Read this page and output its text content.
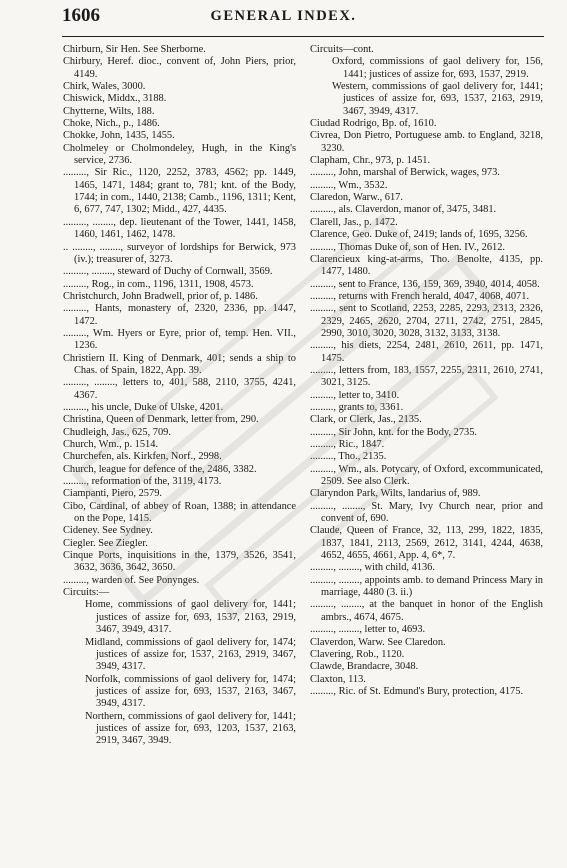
1606	GENERAL INDEX.
Chirburn, Sir Hen. See Sherborne.
Chirbury, Heref. dioc., convent of, John Piers, prior, 4149.
Chirk, Wales, 3000.
Chiswick, Middx., 3188.
Chytterne, Wilts, 188.
Choke, Nich., p., 1486.
Chokke, John, 1435, 1455.
Cholmeley or Cholmondeley, Hugh, in the King's service, 2736.
........., Sir Ric., 1120, 2252, 3783, 4562; pp. 1449, 1465, 1471, 1484; grant to, 781; knt. of the Body, 1744; in com., 1440, 2138; Camb., 1196, 1311; Kent, 6, 677, 747, 1302; Midd., 427, 4435.
........., ........, dep. lieutenant of the Tower, 1441, 1458, 1460, 1461, 1462, 1478.
.. ........, ........, surveyor of lordships for Berwick, 973 (iv.); treasurer of, 3273.
........., ........, steward of Duchy of Cornwall, 3569.
........., Rog., in com., 1196, 1311, 1908, 4573.
Christchurch, John Bradwell, prior of, p. 1486.
........., Hants, monastery of, 2320, 2336, pp. 1447, 1472.
........., Wm. Hyers or Eyre, prior of, temp. Hen. VII., 1236.
Christiern II. King of Denmark, 401; sends a ship to Chas. of Spain, 1822, App. 39.
........., ........, letters to, 401, 588, 2110, 3755, 4241, 4367.
........., his uncle, Duke of Ulske, 4201.
Christina, Queen of Denmark, letter from, 290.
Chudleigh, Jas., 625, 709.
Church, Wm., p. 1514.
Churchefen, als. Kirkfen, Norf., 2998.
Church, league for defence of the, 2486, 3382.
........., reformation of the, 3119, 4173.
Ciampanti, Piero, 2579.
Cibo, Cardinal, of abbey of Roan, 1388; in attendance on the Pope, 1415.
Cideney. See Sydney.
Ciegler. See Ziegler.
Cinque Ports, inquisitions in the, 1379, 3526, 3541, 3632, 3636, 3642, 3650.
........., warden of. See Ponynges.
Circuits:—
Home, commissions of gaol delivery for, 1441; justices of assize for, 693, 1537, 2163, 2919, 3467, 3949, 4317.
Midland, commissions of gaol delivery for, 1474; justices of assize for, 1537, 2163, 2919, 3467, 3949, 4317.
Norfolk, commissions of gaol delivery for, 1474; justices of assize for, 693, 1537, 2163, 3467, 3949, 4317.
Northern, commissions of gaol delivery for, 1441; justices of assize for, 693, 1203, 1537, 2163, 2919, 3467, 3949.
Circuits—cont.
Oxford, commissions of gaol delivery for, 156, 1441; justices of assize for, 693, 1537, 2919.
Western, commissions of gaol delivery for, 1441; justices of assize for, 693, 1537, 2163, 2919, 3467, 3949, 4317.
Ciudad Rodrigo, Bp. of, 1610.
Civrea, Don Pietro, Portuguese amb. to England, 3218, 3230.
Clapham, Chr., 973, p. 1451.
........., John, marshal of Berwick, wages, 973.
........., Wm., 3532.
Claredon, Warw., 617.
........., als. Claverdon, manor of, 3475, 3481.
Clarell, Jas., p. 1472.
Clarence, Geo. Duke of, 2419; lands of, 1695, 3256.
........., Thomas Duke of, son of Hen. IV., 2612.
Clarencieux king-at-arms, Tho. Benolte, 4135, pp. 1477, 1480.
........., sent to France, 136, 159, 369, 3940, 4014, 4058.
........., returns with French herald, 4047, 4068, 4071.
........., sent to Scotland, 2253, 2285, 2293, 2313, 2326, 2329, 2465, 2620, 2704, 2711, 2742, 2751, 2845, 2990, 3010, 3020, 3028, 3132, 3133, 3138.
........., his diets, 2254, 2481, 2610, 2611, pp. 1471, 1475.
........., letters from, 183, 1557, 2255, 2311, 2610, 2741, 3021, 3125.
........., letter to, 3410.
........., grants to, 3361.
Clark, or Clerk, Jas., 2135.
........., Sir John, knt. for the Body, 2735.
........., Ric., 1847.
........., Tho., 2135.
........., Wm., als. Potycary, of Oxford, excommunicated, 2509. See also Clerk.
Claryndon Park, Wilts, landarius of, 989.
........., ........, St. Mary, Ivy Church near, prior and convent of, 690.
Claude, Queen of France, 32, 113, 299, 1822, 1835, 1837, 1841, 2113, 2569, 2612, 3141, 4244, 4638, 4652, 4655, 4661, App. 4, 6*, 7.
........., ........, with child, 4136.
........., ........, appoints amb. to demand Princess Mary in marriage, 4480 (3. ii.)
........., ........, at the banquet in honor of the English ambrs., 4674, 4675.
........., ........, letter to, 4693.
Claverdon, Warw. See Claredon.
Clavering, Rob., 1120.
Clawde, Brandacre, 3048.
Claxton, 113.
........., Ric. of St. Edmund's Bury, protection, 4175.
